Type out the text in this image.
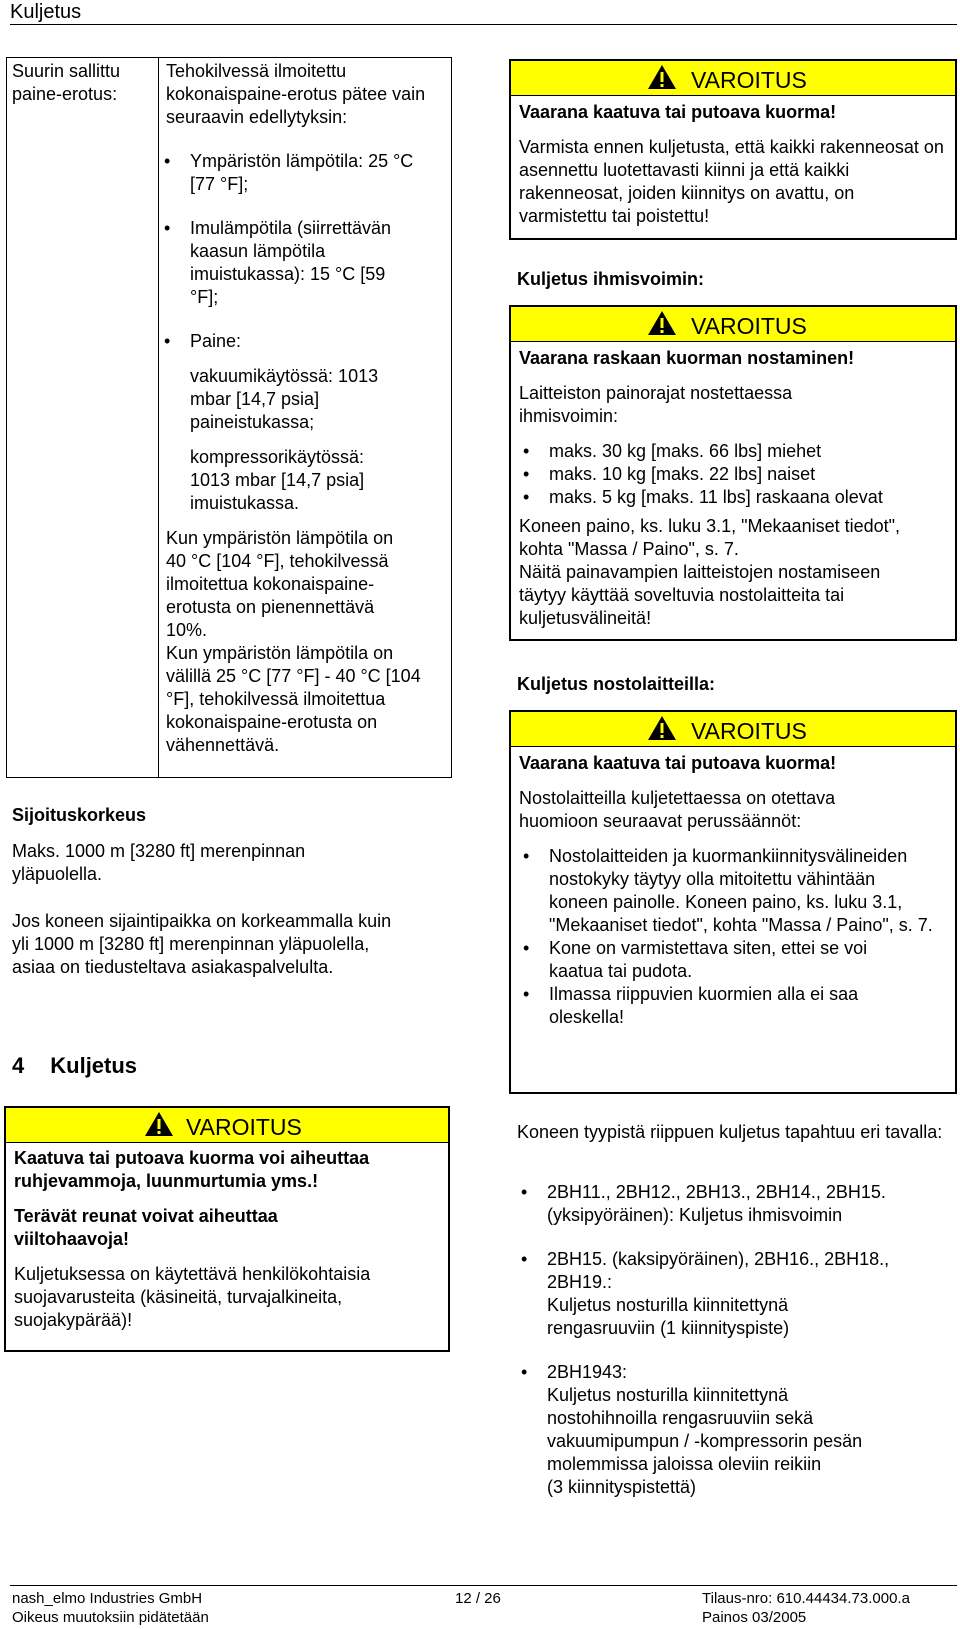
Kuljetus
Suurin sallittu paine-erotus:

Tehokilvessä ilmoitettu kokonaispaine-erotus pätee vain seuraavin edellytyksin:

• Ympäristön lämpötila: 25 °C [77 °F];
• Imulämpötila (siirrettävän kaasun lämpötila imuistukassa): 15 °C [59 °F];
• Paine:

vakuumikäytössä: 1013 mbar [14,7 psia] paineistukassa;

kompressorikäytössä: 1013 mbar [14,7 psia] imuistukassa.

Kun ympäristön lämpötila on 40 °C [104 °F], tehokilvessä ilmoitettua kokonaispaine-erotusta on pienennettävä 10%.

Kun ympäristön lämpötila on välillä 25 °C [77 °F] - 40 °C [104 °F], tehokilvessä ilmoitettua kokonaispaine-erotusta on vähennettävä.

Sijoituskorkeus
Maks. 1000 m [3280 ft] merenpinnan yläpuolella.
Jos koneen sijaintipaikka on korkeammalla kuin yli 1000 m [3280 ft] merenpinnan yläpuolella, asiaa on tiedusteltava asiakaspalvelulta.
4 Kuljetus
VAROITUS

Kaatuva tai putoava kuorma voi aiheuttaa ruhjevammoja, luunmurtumia yms.!

Terävät reunat voivat aiheuttaa viiltohaavoja!

Kuljetuksessa on käytettävä henkilökohtaisia suojavarusteita (käsineitä, turvajalkineita, suojakypärää)!

VAROITUS

Vaarana kaatuva tai putoava kuorma!

Varmista ennen kuljetusta, että kaikki rakenneosat on asennettu luotettavasti kiinni ja että kaikki rakenneosat, joiden kiinnitys on avattu, on varmistettu tai poistettu!

Kuljetus ihmisvoimin:
VAROITUS

Vaarana raskaan kuorman nostaminen!

Laitteiston painorajat nostettaessa ihmisvoimin:

• maks. 30 kg [maks. 66 lbs] miehet
• maks. 10 kg [maks. 22 lbs] naiset
• maks. 5 kg [maks. 11 lbs] raskaana olevat

Koneen paino, ks. luku 3.1, "Mekaaniset tiedot", kohta "Massa / Paino", s. 7.

Näitä painavampien laitteistojen nostamiseen täytyy käyttää soveltuvia nostolaitteita tai kuljetusvälineitä!

Kuljetus nostolaitteilla:
VAROITUS

Vaarana kaatuva tai putoava kuorma!

Nostolaitteilla kuljetettaessa on otettava huomioon seuraavat perussäännöt:

• Nostolaitteiden ja kuormankiinnitysvälineiden nostokyky täytyy olla mitoitettu vähintään koneen painolle. Koneen paino, ks. luku 3.1, "Mekaaniset tiedot", kohta "Massa / Paino", s. 7.
• Kone on varmistettava siten, ettei se voi kaatua tai pudota.
• Ilmassa riippuvien kuormien alla ei saa oleskella!
Koneen tyypistä riippuen kuljetus tapahtuu eri tavalla:
• 2BH11., 2BH12., 2BH13., 2BH14., 2BH15.
(yksipyöräinen): Kuljetus ihmisvoimin
• 2BH15. (kaksipyöräinen), 2BH16., 2BH18., 2BH19.:
Kuljetus nosturilla kiinnitettynä rengasruuviin (1 kiinnityspiste)
• 2BH1943:
Kuljetus nosturilla kiinnitettynä nostohihnoilla rengasruuviin sekä vakuumipumpun / -kompressorin pesän molemmissa jaloissa oleviin reikiin
(3 kiinnityspistettä)
nash_elmo Industries GmbH	12 / 26	Tilaus-nro: 610.44434.73.000.a
Oikeus muutoksiin pidätetään	Painos 03/2005
